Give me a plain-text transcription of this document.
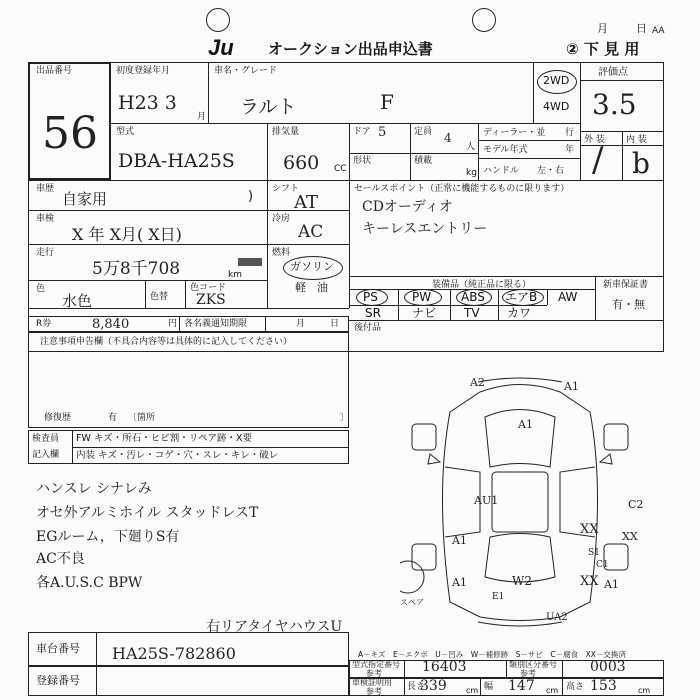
Ju オークション出品申込書
月	日 AA
② 下 見 用
出品番号
56
初度登録年月
H23 3
月
車名・グレード
ラルト	F
2WD
4WD
評価点
3.5
外 装 内 装
/ b
型式
DBA-HA25S
排気量
660 CC
ドア 5	定員 4
人
ディーラー・並 行
モデル年式	年
形状	積載
kg ハンドル 左・右
車歴
自家用	) シフト
AT
セールスポイント（正常に機能するものに限ります）
CDオーディオ
キーレスエントリー
車検
X 年 X月( X日)
冷房
AC
走行
5万8千708	km
燃料
ガソリン
軽　油
色
水色	色替
色コード
ZKS
装備品（純正品に限る）	新車保証書
有・無
PS	PW ABS エアB AW
SR	ナビ TV カワ
後付品
R券	8,840	円 各名義通知期限	月	日
注意事項申告欄（不具合内容等は具体的に記入してください）
修復歴	有 〔箇所	〕
検査員
記入欄
FW キズ・所石・ヒビ割・リペア跡・X要
内装 キズ・汚レ・コゲ・穴・スレ・キレ・破レ
ハンスレ シナレみ
オセ外アルミホイル スタッドレスT
EGルーム，下廻りS有
AC不良
各A.U.S.C BPW
右リアタイヤハウスU
A2
A1
A1
AU1
A1
A1	W2
C2
XX XX
S1
C1
XX A1
E1
UA2
スペア
車台番号 HA25S-782860
登録番号
A－キズ　E－エクボ　U－凹み　W－補修跡　S－サビ　C－腐食　XX－交換済
型式指定番号
参考	16403	類別区分番号
参考	0003
車検証明用
参考	長さ
339 cm 幅 147 cm 高さ 153	cm
